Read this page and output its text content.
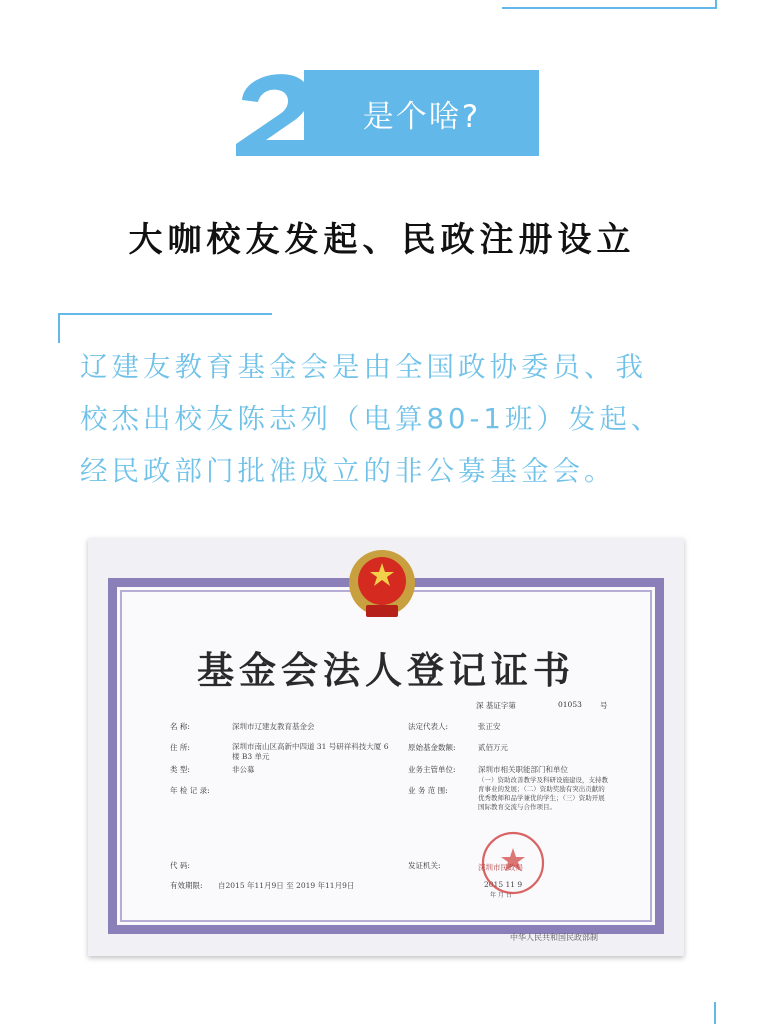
是个啥?
大咖校友发起、民政注册设立
辽建友教育基金会是由全国政协委员、我
校杰出校友陈志列（电算80-1班）发起、
经民政部门批准成立的非公募基金会。
基金会法人登记证书
深 基证字第	01053 号
名 称:	深圳市辽建友教育基金会
住 所:	深圳市南山区高新中四道 31 号研祥科技大厦 6 楼 B3 单元
类 型:	非公募
年 检 记 录:
法定代表人:	张正安
原始基金数额:	贰佰万元
业务主管单位:	深圳市相关职能部门和单位
业 务 范 围:
（一）资助改善教学及科研设施建设，支持教育事业的发展；（二）资助奖励有突出贡献的优秀教师和品学兼优的学生；（三）资助开展国际教育交流与合作项目。
代 码:
有效期限: 自2015 年11月9日 至 2019 年11月9日
发证机关:
2015 11 9
年 月 日
深圳市民政局
中华人民共和国民政部制
